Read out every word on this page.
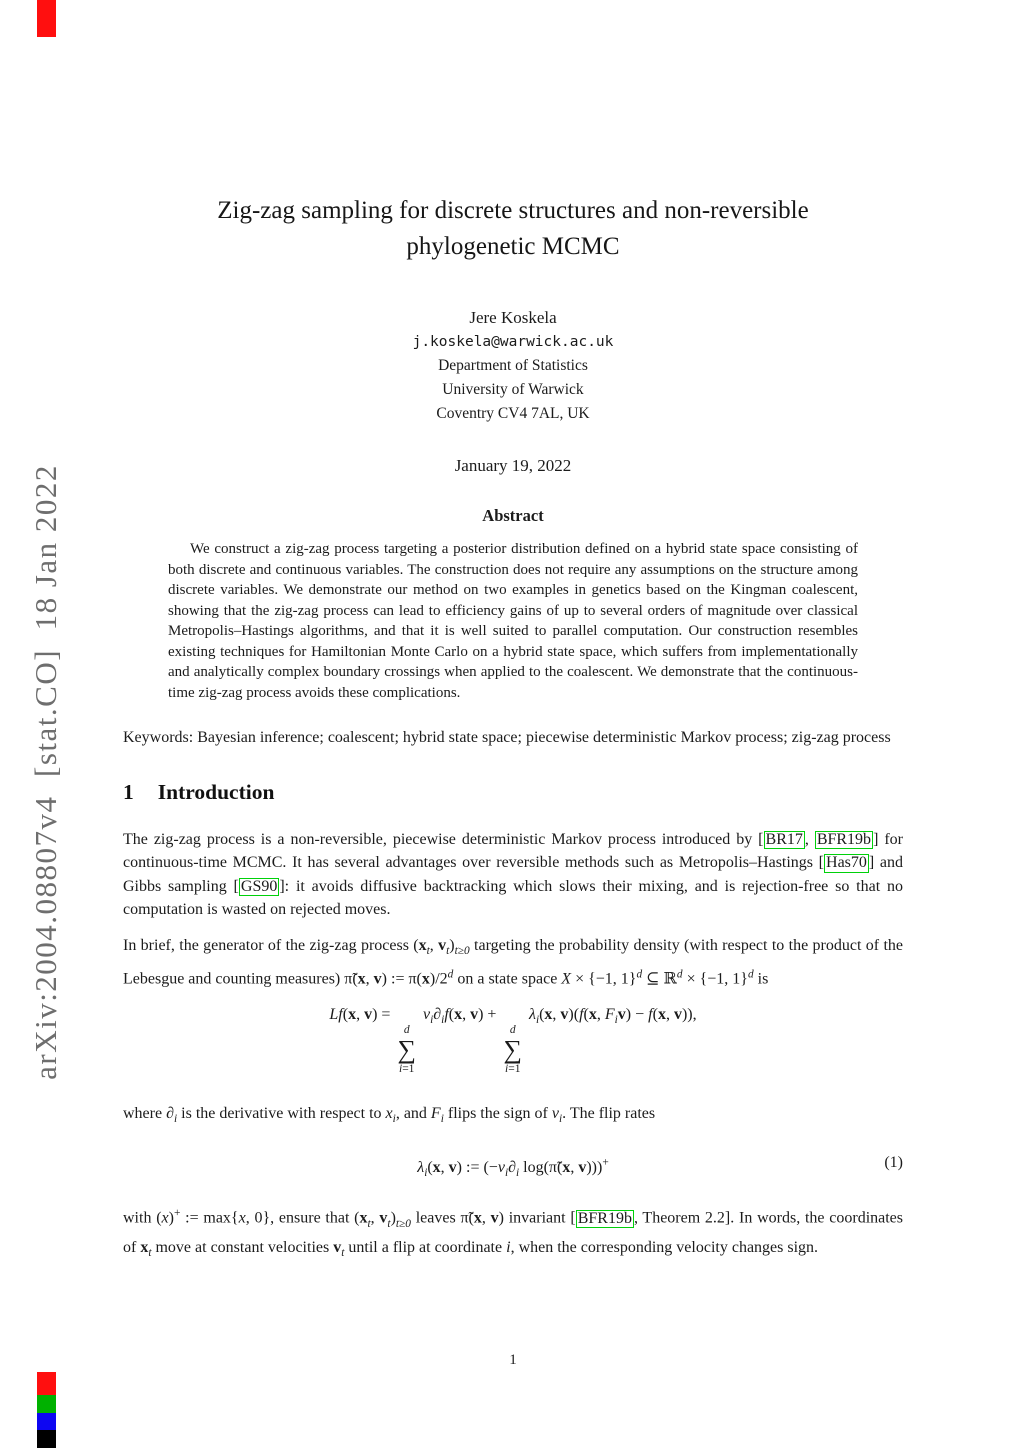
arXiv:2004.08807v4  [stat.CO]  18 Jan 2022
Zig-zag sampling for discrete structures and non-reversible
phylogenetic MCMC
Jere Koskela
j.koskela@warwick.ac.uk
Department of Statistics
University of Warwick
Coventry CV4 7AL, UK
January 19, 2022
Abstract
We construct a zig-zag process targeting a posterior distribution defined on a hybrid state space consisting of both discrete and continuous variables. The construction does not require any assumptions on the structure among discrete variables. We demonstrate our method on two examples in genetics based on the Kingman coalescent, showing that the zig-zag process can lead to efficiency gains of up to several orders of magnitude over classical Metropolis–Hastings algorithms, and that it is well suited to parallel computation. Our construction resembles existing techniques for Hamiltonian Monte Carlo on a hybrid state space, which suffers from implementationally and analytically complex boundary crossings when applied to the coalescent. We demonstrate that the continuous-time zig-zag process avoids these complications.
Keywords: Bayesian inference; coalescent; hybrid state space; piecewise deterministic Markov process; zig-zag process
1 Introduction
The zig-zag process is a non-reversible, piecewise deterministic Markov process introduced by [ BR17 , BFR19b ] for continuous-time MCMC. It has several advantages over reversible methods such as Metropolis–Hastings [ Has70 ] and Gibbs sampling [ GS90 ]: it avoids diffusive backtracking which slows their mixing, and is rejection-free so that no computation is wasted on rejected moves.
In brief, the generator of the zig-zag process ($x_t$, $v_t)_{t\ge 0}$ targeting the probability density (with respect to the product of the Lebesgue and counting measures) π̃(x, v) := $\pi(x)/2^d$ on a state space X × {−1, 1}$^d$ ⊆ ℝ$^d$ × {−1, 1}$^d$ is
Lf(x, v) =
d
∑
i=1
$v_i\partial_if(x$, v) +
d
∑
i=1
$\lambda_i(x$, v)(f(x, $F_iv) - f(x$, v)),
where $\partial_i$ is the derivative with respect to $x_i$, and $F_i$ flips the sign of $v_i$. The flip rates
$\lambda_i(x$, v) := ($-v_i\partial_i$ log(π̃(x, v)))+	(1)
with (x)+ := max{x, 0}, ensure that ($x_t$, $v_t)_{t\ge 0}$ leaves π̃(x, v) invariant [ BFR19b , Theorem 2.2]. In words, the coordinates of $x_t$ move at constant velocities $v_t$ until a flip at coordinate i, when the corresponding velocity changes sign.
1
